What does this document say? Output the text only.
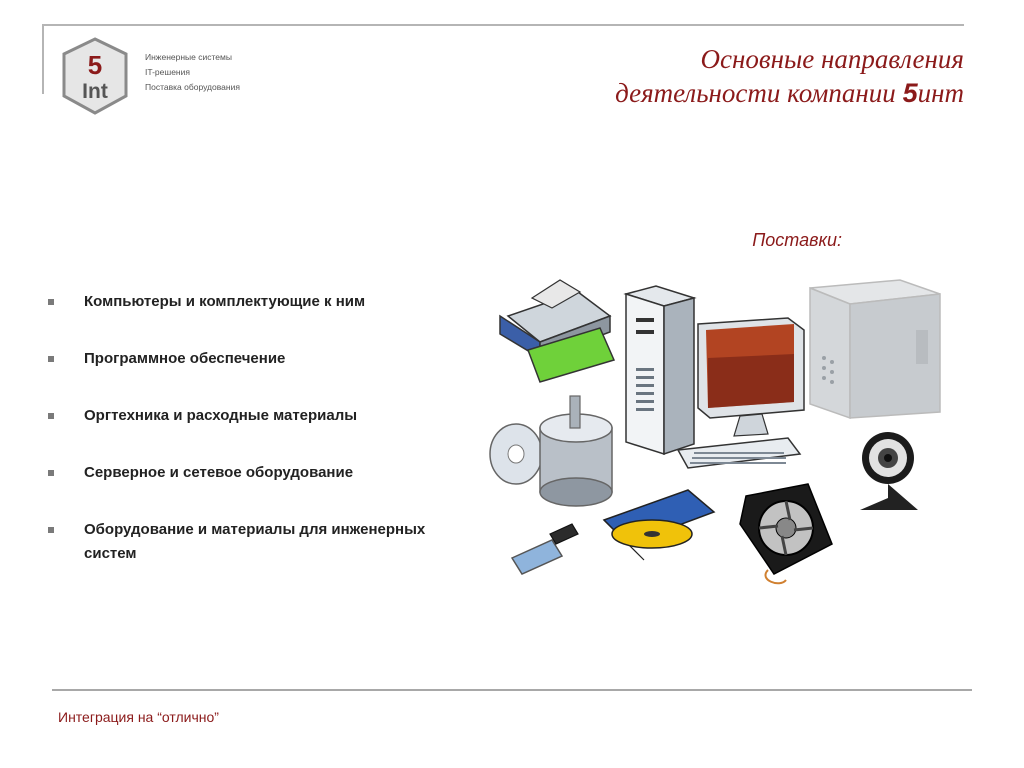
5
Int
Инженерные системы
IT-решения
Поставка оборудования
Основные направления
деятельности компании 5инт
Поставки:
Компьютеры и комплектующие к ним
Программное обеспечение
Оргтехника и расходные материалы
Серверное и сетевое оборудование
Оборудование и материалы для инженерных систем
Интеграция на “отлично”
